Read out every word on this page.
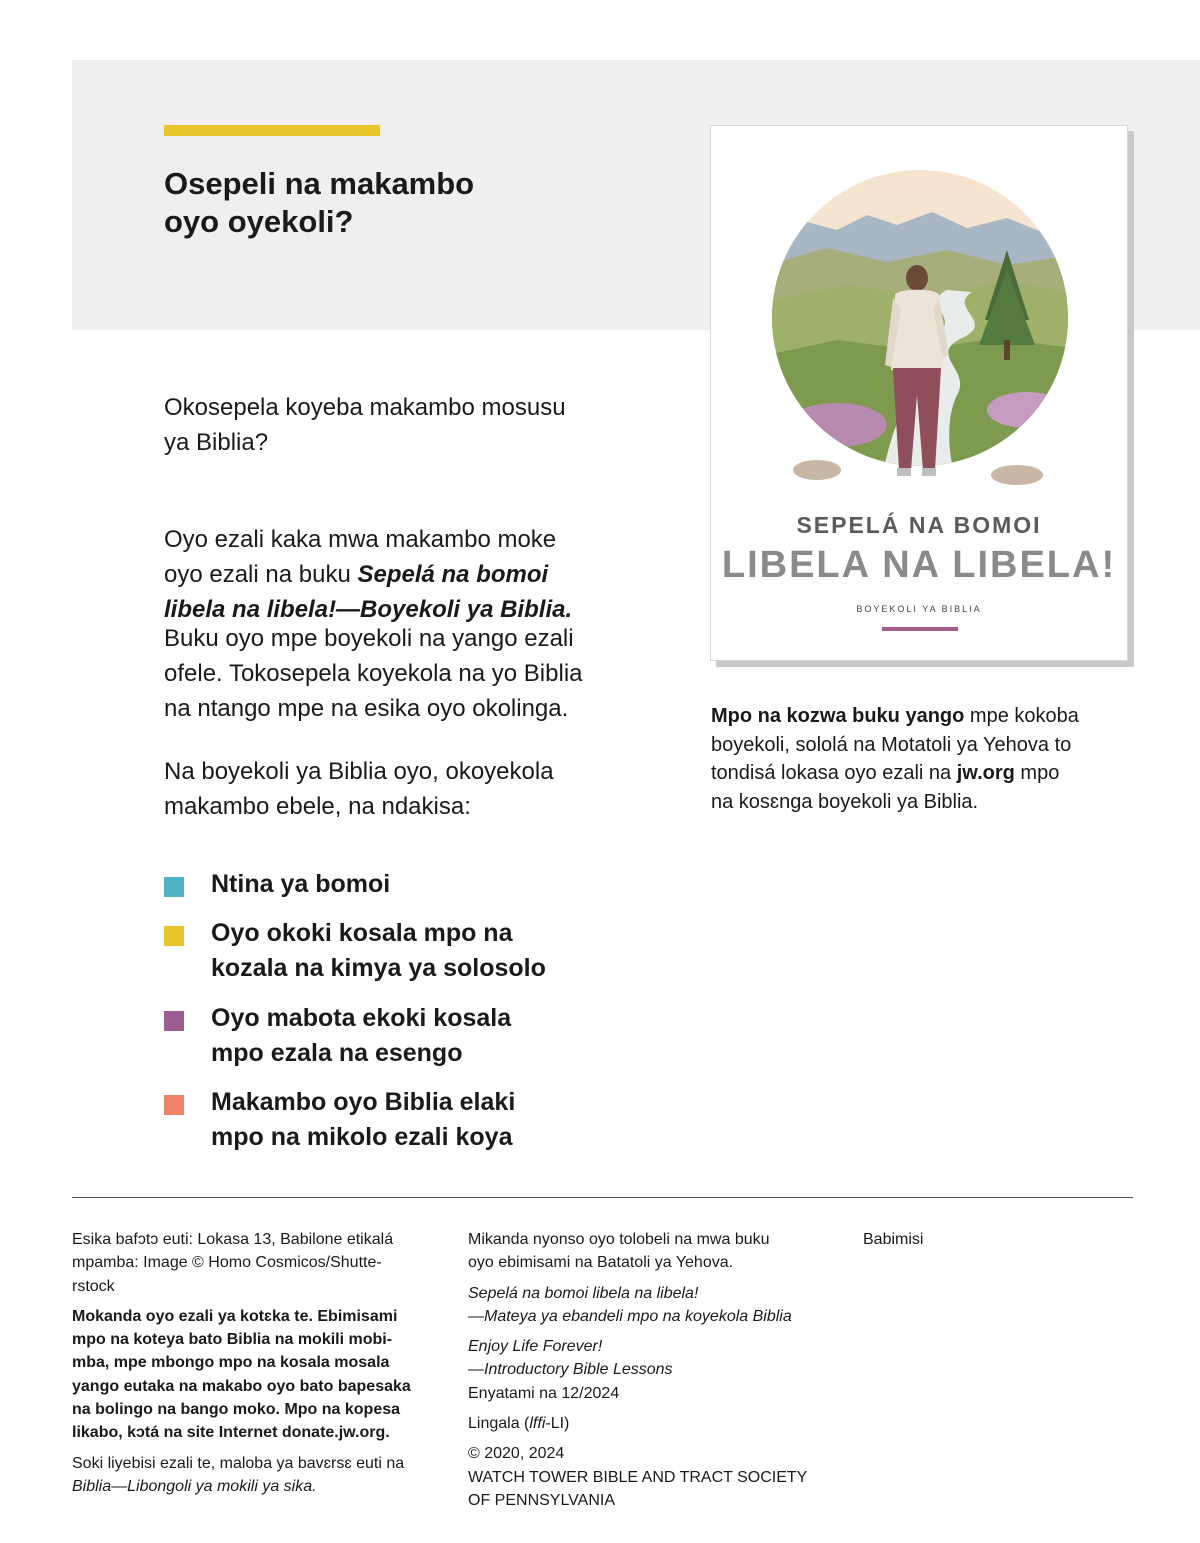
Osepeli na makambo
oyo oyekoli?
SEPELÁ NA BOMOI
LIBELA NA LIBELA!
BOYEKOLI YA BIBLIA

Okosepela koyeba makambo mosusu
ya Biblia?

Oyo ezali kaka mwa makambo moke
oyo ezali na buku Sepelá na bomoi
libela na libela!—Boyekoli ya Biblia.

Buku oyo mpe boyekoli na yango ezali
ofele. Tokosepela koyekola na yo Biblia
na ntango mpe na esika oyo okolinga.

Na boyekoli ya Biblia oyo, okoyekola
makambo ebele, na ndakisa:

Ntina ya bomoi
Oyo okoki kosala mpo na
kozala na kimya ya solosolo
Oyo mabota ekoki kosala
mpo ezala na esengo
Makambo oyo Biblia elaki
mpo na mikolo ezali koya
Mpo na kozwa buku yango mpe kokoba
boyekoli, sololá na Motatoli ya Yehova to
tondisá lokasa oyo ezali na jw.org mpo
na kosɛnga boyekoli ya Biblia.
Esika bafɔtɔ euti: Lokasa 13, Babilone etikalá
mpamba: Image © Homo Cosmicos/Shutte-
rstock
Mokanda oyo ezali ya kotɛka te. Ebimisami
mpo na koteya bato Biblia na mokili mobi-
mba, mpe mbongo mpo na kosala mosala
yango eutaka na makabo oyo bato bapesaka
na bolingo na bango moko. Mpo na kopesa
likabo, kɔtá na site Internet donate.jw.org.
Soki liyebisi ezali te, maloba ya bavɛrsɛ euti na
Biblia—Libongoli ya mokili ya sika.
Mikanda nyonso oyo tolobeli na mwa buku
oyo ebimisami na Batatoli ya Yehova.
Sepelá na bomoi libela na libela!
—Mateya ya ebandeli mpo na koyekola Biblia
Enjoy Life Forever!
—Introductory Bible Lessons
Enyatami na 12/2024
Lingala (lffi-LI)
© 2020, 2024
WATCH TOWER BIBLE AND TRACT SOCIETY
OF PENNSYLVANIA
Babimisi
